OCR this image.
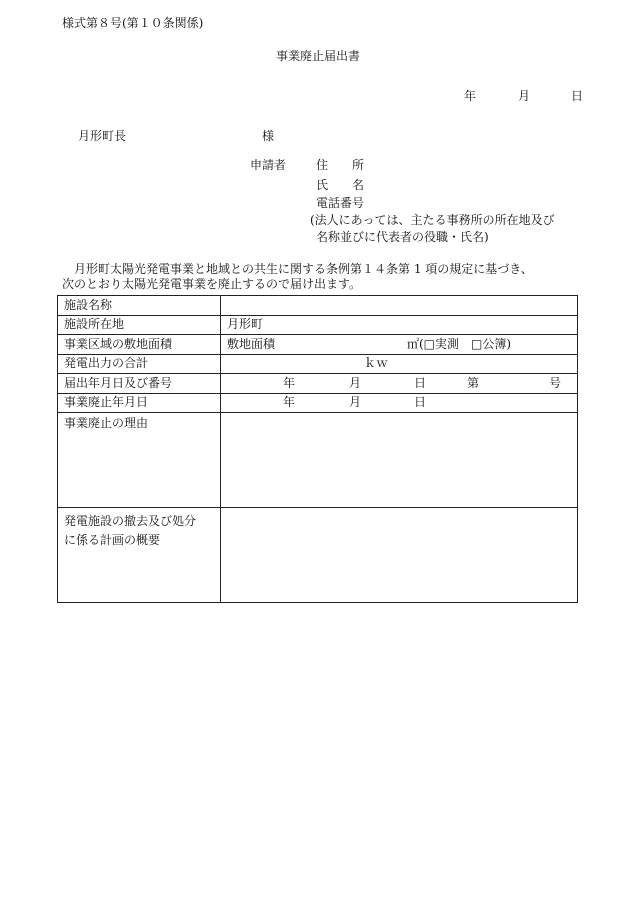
様式第８号(第１０条関係)
事業廃止届出書
年	月	日
月形町長	様
申請者 住　　所
氏　　名
電話番号
(法人にあっては、主たる事務所の所在地及び
名称並びに代表者の役職・氏名)

月形町太陽光発電事業と地域との共生に関する条例第１４条第 1 項の規定に基づき、

次のとおり太陽光発電事業を廃止するので届け出ます。

施設名称	
施設所在地	月形町
事業区域の敷地面積	敷地面積 ㎡(□実測　□公簿)

発電出力の合計	ｋｗ

届出年月日及び番号	年 月 日 第 号

事業廃止年月日	年 月 日

事業廃止の理由	

発電施設の撤去及び処分
に係る計画の概要	
